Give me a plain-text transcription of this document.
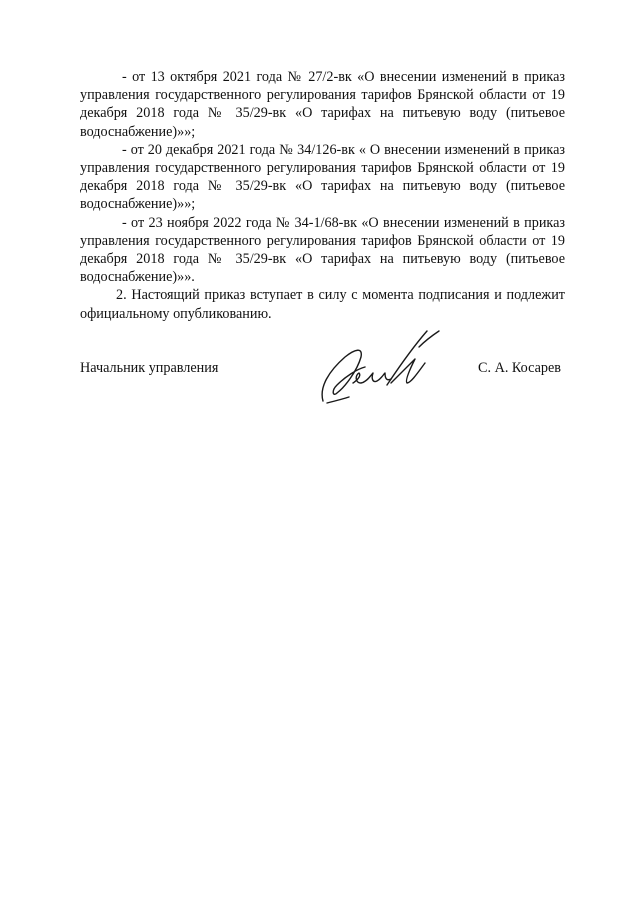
- от 13 октября 2021 года № 27/2-вк «О внесении изменений в приказ управления государственного регулирования тарифов Брянской области от 19 декабря 2018 года № 35/29-вк «О тарифах на питьевую воду (питьевое водоснабжение)»»;

- от 20 декабря 2021 года № 34/126-вк « О внесении изменений в приказ управления государственного регулирования тарифов Брянской области от 19 декабря 2018 года № 35/29-вк «О тарифах на питьевую воду (питьевое водоснабжение)»»;

- от 23 ноября 2022 года № 34-1/68-вк «О внесении изменений в приказ управления государственного регулирования тарифов Брянской области от 19 декабря 2018 года № 35/29-вк «О тарифах на питьевую воду (питьевое водоснабжение)»».

2. Настоящий приказ вступает в силу с момента подписания и подлежит официальному опубликованию.

Начальник управления	С. А. Косарев
